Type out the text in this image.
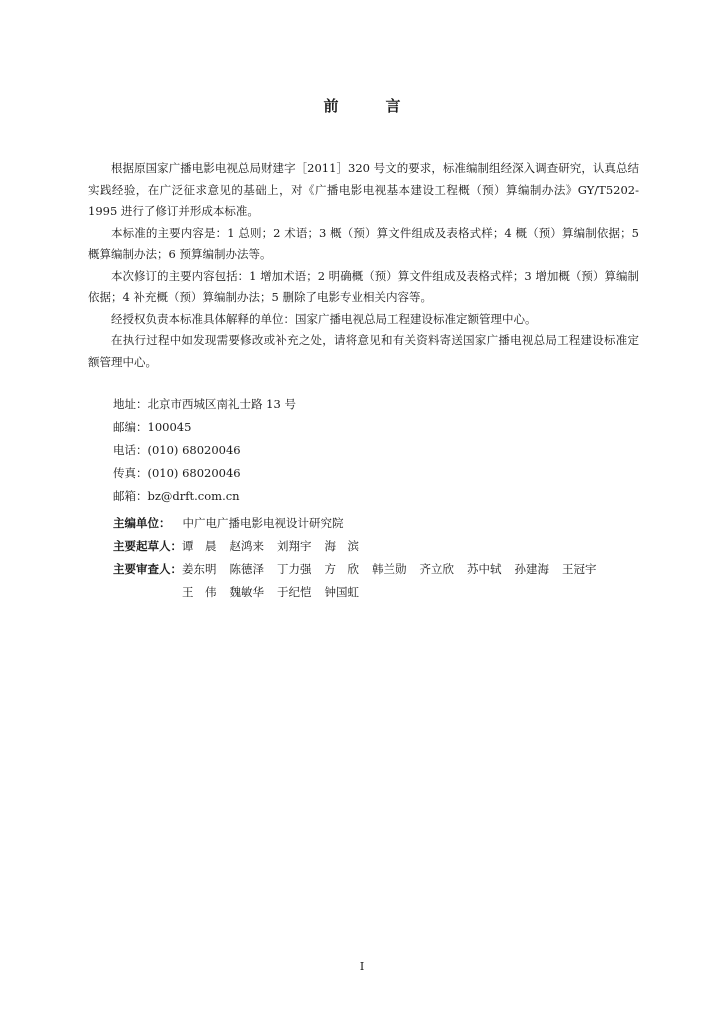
前　言

根据原国家广播电影电视总局财建字［2011］320 号文的要求，标准编制组经深入调查研究，认真总结实践经验，在广泛征求意见的基础上，对《广播电影电视基本建设工程概（预）算编制办法》GY/T5202-1995 进行了修订并形成本标准。

本标准的主要内容是：1 总则；2 术语；3 概（预）算文件组成及表格式样；4 概（预）算编制依据；5 概算编制办法；6 预算编制办法等。

本次修订的主要内容包括：1 增加术语；2 明确概（预）算文件组成及表格式样；3 增加概（预）算编制依据；4 补充概（预）算编制办法；5 删除了电影专业相关内容等。

经授权负责本标准具体解释的单位：国家广播电视总局工程建设标准定额管理中心。

在执行过程中如发现需要修改或补充之处，请将意见和有关资料寄送国家广播电视总局工程建设标准定额管理中心。

地址：北京市西城区南礼士路 13 号
邮编：100045
电话：(010) 68020046
传真：(010) 68020046
邮箱：bz@drft.com.cn
主编单位：	中广电广播电影电视设计研究院
主要起草人： 谭　晨 赵鸿来 刘翔宇 海　滨
主要审查人： 姜东明 陈德泽 丁力强 方　欣 韩兰勋 齐立欣 苏中轼 孙建海 王冠宇王　伟 魏敏华 于纪恺 钟国虹
I
